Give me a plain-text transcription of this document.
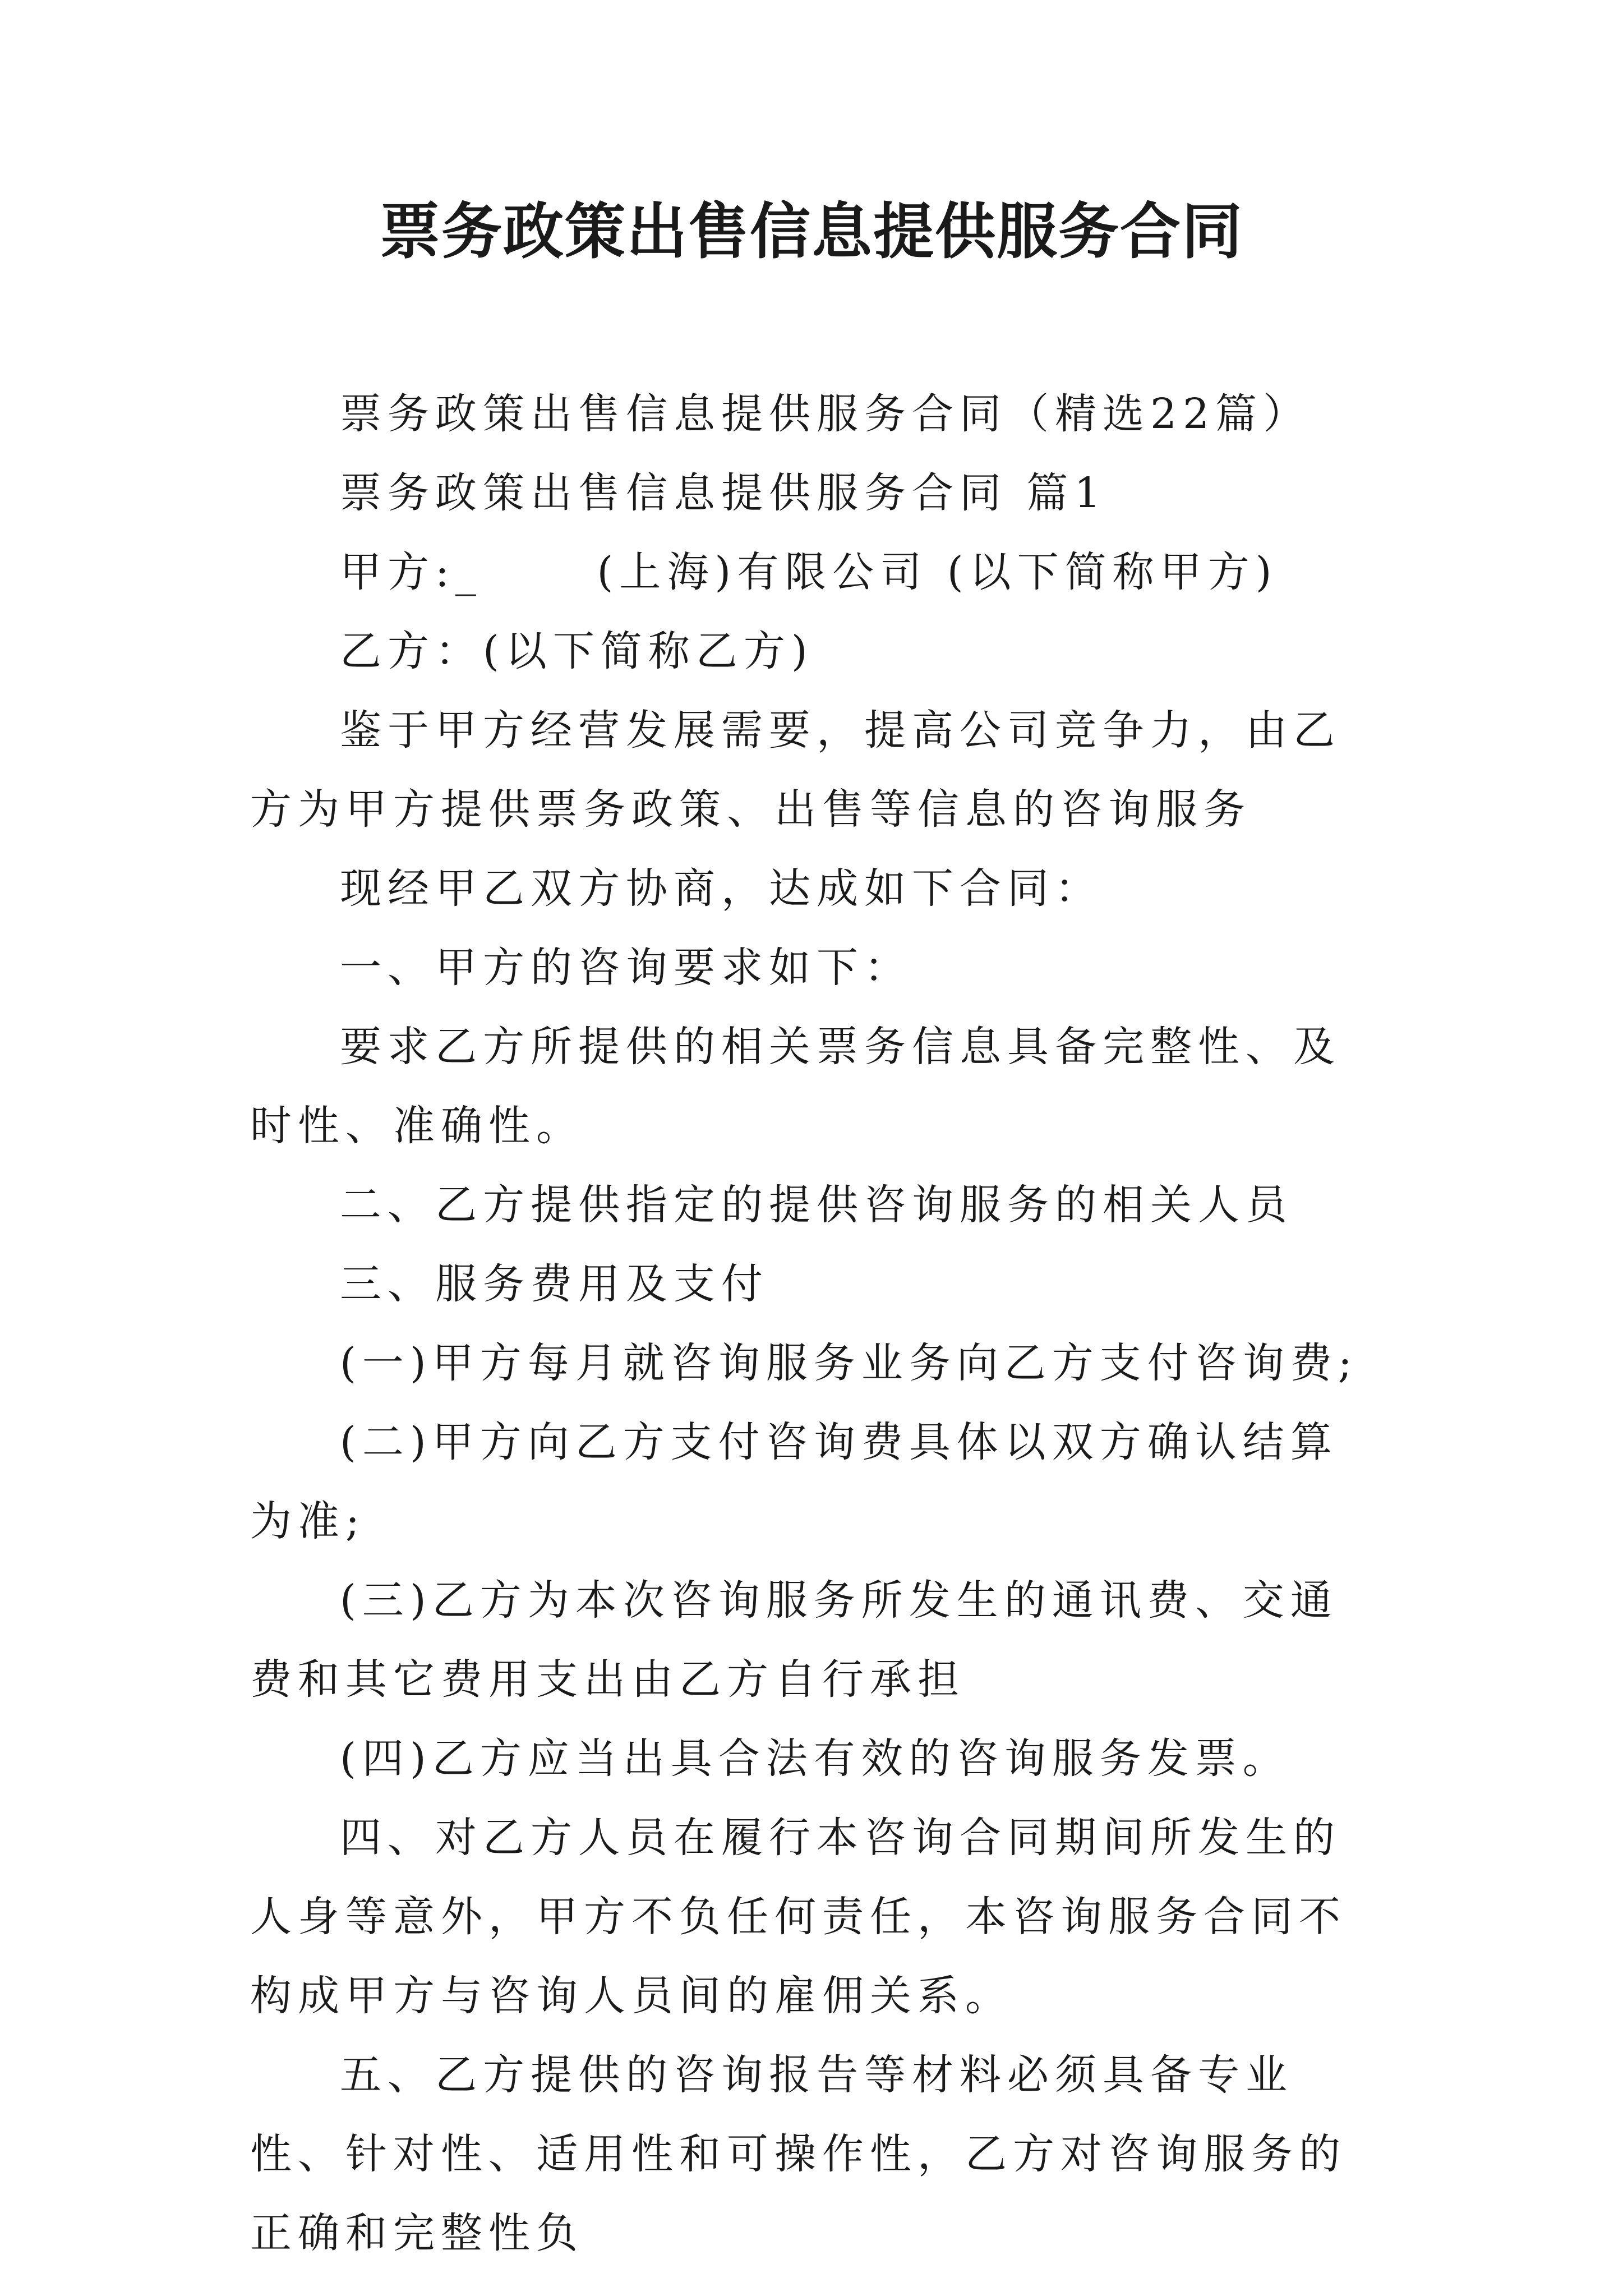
票务政策出售信息提供服务合同

票务政策出售信息提供服务合同（精选22篇）

票务政策出售信息提供服务合同 篇1

甲方:_　　 (上海)有限公司 (以下简称甲方)

乙方：(以下简称乙方)

鉴于甲方经营发展需要，提高公司竞争力，由乙方为甲方提供票务政策、出售等信息的咨询服务

现经甲乙双方协商，达成如下合同：

一、甲方的咨询要求如下：

要求乙方所提供的相关票务信息具备完整性、及时性、准确性。

二、乙方提供指定的提供咨询服务的相关人员

三、服务费用及支付

(一)甲方每月就咨询服务业务向乙方支付咨询费;

(二)甲方向乙方支付咨询费具体以双方确认结算为准;

(三)乙方为本次咨询服务所发生的通讯费、交通费和其它费用支出由乙方自行承担

(四)乙方应当出具合法有效的咨询服务发票。

四、对乙方人员在履行本咨询合同期间所发生的人身等意外，甲方不负任何责任，本咨询服务合同不构成甲方与咨询人员间的雇佣关系。

五、乙方提供的咨询报告等材料必须具备专业性、针对性、适用性和可操作性，乙方对咨询服务的正确和完整性负
